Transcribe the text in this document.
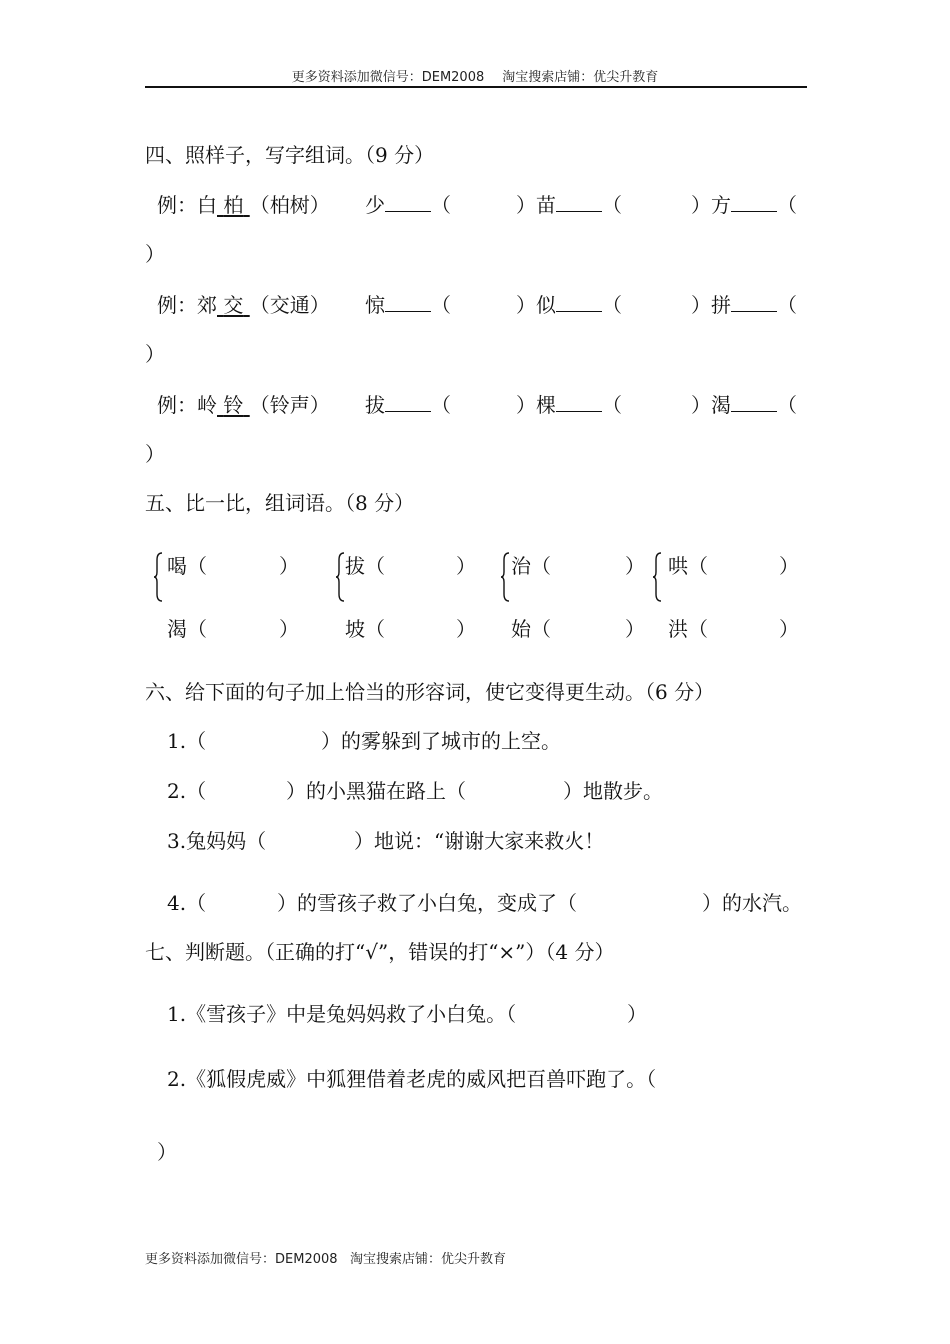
更多资料添加微信号：DEM2008 淘宝搜索店铺：优尖升教育
四、照样子，写字组词。（9 分）
例：白 柏 （柏树） 少 （	）苗 （	）方 （
）
例：郊 交 （交通） 惊 （	）似 （	）拼 （
）
例：岭 铃 （铃声） 拔 （	）棵 （	）渴 （
）
五、比一比，组词语。（8 分）
喝（	） 拔（	） 治（	） 哄（	）
渴（	） 坡（	） 始（	） 洪（	）
六、给下面的句子加上恰当的形容词，使它变得更生动。（6 分）
1.（	）的雾躲到了城市的上空。
2.（	）的小黑猫在路上（	）地散步。
3.兔妈妈（	）地说：“谢谢大家来救火！
4.（	）的雪孩子救了小白兔，变成了（	）的水汽。
七、判断题。（正确的打“√”，错误的打“×”）（4 分）
1.《雪孩子》中是兔妈妈救了小白兔。（	）
2.《狐假虎威》中狐狸借着老虎的威风把百兽吓跑了。（
）
更多资料添加微信号：DEM2008 淘宝搜索店铺：优尖升教育
